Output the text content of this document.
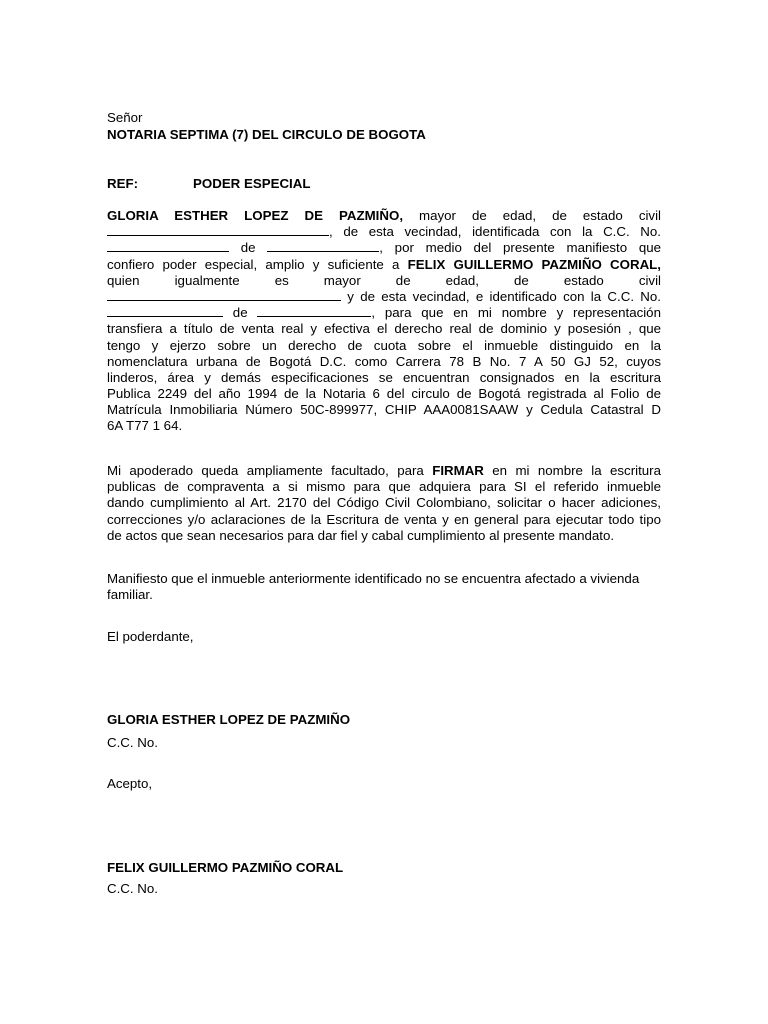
Señor

NOTARIA SEPTIMA (7) DEL CIRCULO DE BOGOTA

REF:	PODER ESPECIAL
GLORIA ESTHER LOPEZ DE PAZMIÑO, mayor de edad, de estado civil
, de esta vecindad, identificada con la C.C. No.
de	, por medio del presente manifiesto que
confiero poder especial, amplio y suficiente a FELIX GUILLERMO PAZMIÑO CORAL,
quien igualmente es mayor de edad, de estado civil
y de esta vecindad, e identificado con la C.C. No.
de	, para que en mi nombre y representación
transfiera a título de venta real y efectiva el derecho real de dominio y posesión , que
tengo y ejerzo sobre un derecho de cuota sobre el inmueble distinguido en la
nomenclatura urbana de Bogotá D.C. como Carrera 78 B No. 7 A 50 GJ 52, cuyos
linderos, área y demás especificaciones se encuentran consignados en la escritura
Publica 2249 del año 1994 de la Notaria 6 del circulo de Bogotá registrada al Folio de
Matrícula Inmobiliaria Número 50C-899977, CHIP AAA0081SAAW y Cedula Catastral D
6A T77 1 64.
Mi apoderado queda ampliamente facultado, para FIRMAR en mi nombre la escritura
publicas de compraventa a si mismo para que adquiera para SI el referido inmueble
dando cumplimiento al Art. 2170 del Código Civil Colombiano, solicitar o hacer adiciones,
correcciones y/o aclaraciones de la Escritura de venta y en general para ejecutar todo tipo
de actos que sean necesarios para dar fiel y cabal cumplimiento al presente mandato.
Manifiesto que el inmueble anteriormente identificado no se encuentra afectado a vivienda
familiar.

El poderdante,

GLORIA ESTHER LOPEZ DE PAZMIÑO

C.C. No.

Acepto,

FELIX GUILLERMO PAZMIÑO CORAL

C.C. No.
